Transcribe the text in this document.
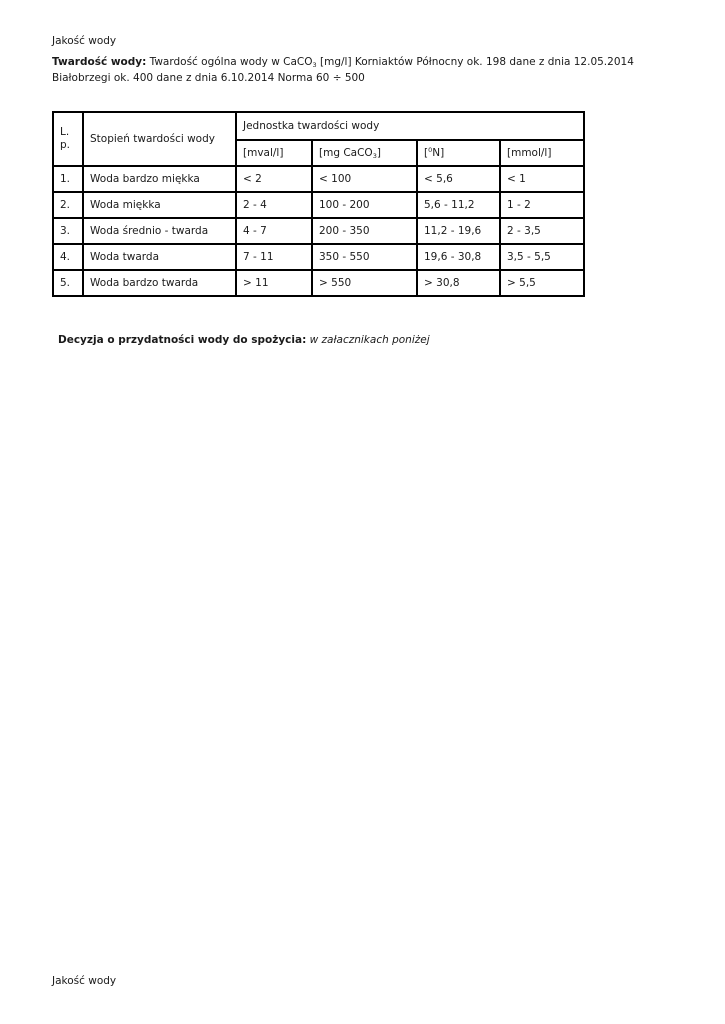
Jakość wody
Twardość wody: Twardość ogólna wody w CaCO$_3$ [mg/l] Korniaktów Północny ok. 198 dane z dnia 12.05.2014 Białobrzegi ok. 400 dane z dnia 6.10.2014 Norma 60 ÷ 500
L. p.	Stopień twardości wody	Jednostka twardości wody			
		[mval/l]	[mg CaCO$_3$]	[$^0$N]	[mmol/l]
1.	Woda bardzo miękka	< 2	< 100	< 5,6	< 1
2.	Woda miękka	2 - 4	100 - 200	5,6 - 11,2	1 - 2
3.	Woda średnio - twarda	4 - 7	200 - 350	11,2 - 19,6	2 - 3,5
4.	Woda twarda	7 - 11	350 - 550	19,6 - 30,8	3,5 - 5,5
5.	Woda bardzo twarda	> 11	> 550	> 30,8	> 5,5
Decyzja o przydatności wody do spożycia: w załacznikach poniżej
Jakość wody
